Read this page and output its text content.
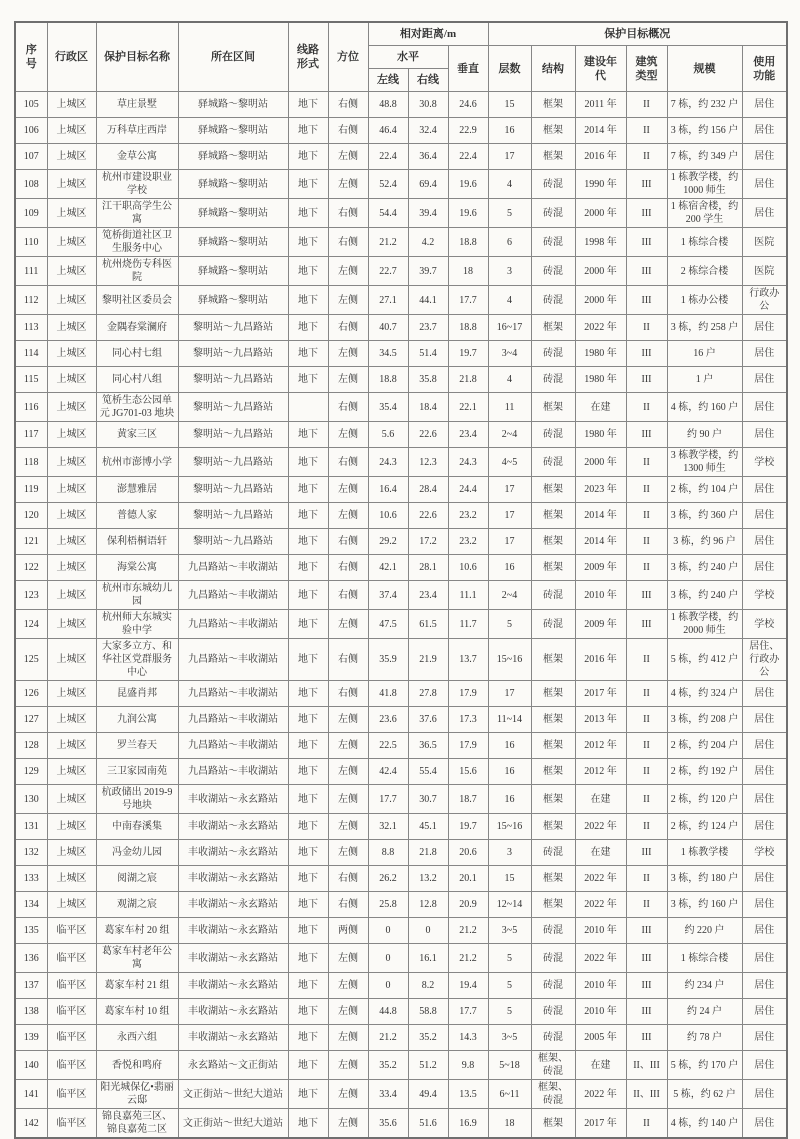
序号	行政区	保护目标名称	所在区间	线路形式	方位	相对距离/m			保护目标概况					
						水平		垂直	层数	结构	建设年代	建筑类型	规模	使用功能
						左线	右线							
105	上城区	草庄景墅	驿城路～黎明站	地下	右侧	48.8	30.8	24.6	15	框架	2011 年	II	7 栋，约 232 户	居住
106	上城区	万科草庄西岸	驿城路～黎明站	地下	右侧	46.4	32.4	22.9	16	框架	2014 年	II	3 栋，约 156 户	居住
107	上城区	金草公寓	驿城路～黎明站	地下	左侧	22.4	36.4	22.4	17	框架	2016 年	II	7 栋，约 349 户	居住
108	上城区	杭州市建设职业学校	驿城路～黎明站	地下	左侧	52.4	69.4	19.6	4	砖混	1990 年	III	1 栋教学楼，约 1000 师生	居住
109	上城区	江干职高学生公寓	驿城路～黎明站	地下	右侧	54.4	39.4	19.6	5	砖混	2000 年	III	1 栋宿舍楼，约 200 学生	居住
110	上城区	笕桥街道社区卫生服务中心	驿城路～黎明站	地下	右侧	21.2	4.2	18.8	6	砖混	1998 年	III	1 栋综合楼	医院
111	上城区	杭州烧伤专科医院	驿城路～黎明站	地下	左侧	22.7	39.7	18	3	砖混	2000 年	III	2 栋综合楼	医院
112	上城区	黎明社区委员会	驿城路～黎明站	地下	左侧	27.1	44.1	17.7	4	砖混	2000 年	III	1 栋办公楼	行政办公
113	上城区	金隅春棠澜府	黎明站～九昌路站	地下	右侧	40.7	23.7	18.8	16~17	框架	2022 年	II	3 栋，约 258 户	居住
114	上城区	同心村七组	黎明站～九昌路站	地下	左侧	34.5	51.4	19.7	3~4	砖混	1980 年	III	16 户	居住
115	上城区	同心村八组	黎明站～九昌路站	地下	左侧	18.8	35.8	21.8	4	砖混	1980 年	III	1 户	居住
116	上城区	笕桥生态公园单元 JG701-03 地块	黎明站～九昌路站		右侧	35.4	18.4	22.1	11	框架	在建	II	4 栋，约 160 户	居住
117	上城区	黄家三区	黎明站～九昌路站	地下	左侧	5.6	22.6	23.4	2~4	砖混	1980 年	III	约 90 户	居住
118	上城区	杭州市澎博小学	黎明站～九昌路站	地下	右侧	24.3	12.3	24.3	4~5	砖混	2000 年	II	3 栋教学楼，约 1300 师生	学校
119	上城区	澎慧雅居	黎明站～九昌路站	地下	左侧	16.4	28.4	24.4	17	框架	2023 年	II	2 栋，约 104 户	居住
120	上城区	普德人家	黎明站～九昌路站	地下	左侧	10.6	22.6	23.2	17	框架	2014 年	II	3 栋，约 360 户	居住
121	上城区	保利梧桐语轩	黎明站～九昌路站	地下	右侧	29.2	17.2	23.2	17	框架	2014 年	II	3 栋，约 96 户	居住
122	上城区	海棠公寓	九昌路站～丰收湖站	地下	右侧	42.1	28.1	10.6	16	框架	2009 年	II	3 栋，约 240 户	居住
123	上城区	杭州市东城幼儿园	九昌路站～丰收湖站	地下	右侧	37.4	23.4	11.1	2~4	砖混	2010 年	III	3 栋，约 240 户	学校
124	上城区	杭州师大东城实验中学	九昌路站～丰收湖站	地下	左侧	47.5	61.5	11.7	5	砖混	2009 年	III	1 栋教学楼，约 2000 师生	学校
125	上城区	大家多立方、和华社区党群服务中心	九昌路站～丰收湖站	地下	右侧	35.9	21.9	13.7	15~16	框架	2016 年	II	5 栋，约 412 户	居住、行政办公
126	上城区	昆盛肖邦	九昌路站～丰收湖站	地下	右侧	41.8	27.8	17.9	17	框架	2017 年	II	4 栋，约 324 户	居住
127	上城区	九润公寓	九昌路站～丰收湖站	地下	左侧	23.6	37.6	17.3	11~14	框架	2013 年	II	3 栋，约 208 户	居住
128	上城区	罗兰春天	九昌路站～丰收湖站	地下	左侧	22.5	36.5	17.9	16	框架	2012 年	II	2 栋，约 204 户	居住
129	上城区	三卫家园南苑	九昌路站～丰收湖站	地下	左侧	42.4	55.4	15.6	16	框架	2012 年	II	2 栋，约 192 户	居住
130	上城区	杭政储出 2019-9 号地块	丰收湖站～永玄路站	地下	左侧	17.7	30.7	18.7	16	框架	在建	II	2 栋，约 120 户	居住
131	上城区	中南春溪集	丰收湖站～永玄路站	地下	左侧	32.1	45.1	19.7	15~16	框架	2022 年	II	2 栋，约 124 户	居住
132	上城区	冯金幼儿园	丰收湖站～永玄路站	地下	左侧	8.8	21.8	20.6	3	砖混	在建	III	1 栋教学楼	学校
133	上城区	阅湖之宸	丰收湖站～永玄路站	地下	右侧	26.2	13.2	20.1	15	框架	2022 年	II	3 栋，约 180 户	居住
134	上城区	观湖之宸	丰收湖站～永玄路站	地下	右侧	25.8	12.8	20.9	12~14	框架	2022 年	II	3 栋，约 160 户	居住
135	临平区	葛家车村 20 组	丰收湖站～永玄路站	地下	两侧	0	0	21.2	3~5	砖混	2010 年	III	约 220 户	居住
136	临平区	葛家车村老年公寓	丰收湖站～永玄路站	地下	左侧	0	16.1	21.2	5	砖混	2022 年	III	1 栋综合楼	居住
137	临平区	葛家车村 21 组	丰收湖站～永玄路站	地下	左侧	0	8.2	19.4	5	砖混	2010 年	III	约 234 户	居住
138	临平区	葛家车村 10 组	丰收湖站～永玄路站	地下	左侧	44.8	58.8	17.7	5	砖混	2010 年	III	约 24 户	居住
139	临平区	永西六组	丰收湖站～永玄路站	地下	左侧	21.2	35.2	14.3	3~5	砖混	2005 年	III	约 78 户	居住
140	临平区	香悦和鸣府	永玄路站～文正街站	地下	左侧	35.2	51.2	9.8	5~18	框架、砖混	在建	II、III	5 栋，约 170 户	居住
141	临平区	阳光城保亿•翡丽云邸	文正街站～世纪大道站	地下	左侧	33.4	49.4	13.5	6~11	框架、砖混	2022 年	II、III	5 栋，约 62 户	居住
142	临平区	锦良嘉苑三区、锦良嘉苑二区	文正街站～世纪大道站	地下	左侧	35.6	51.6	16.9	18	框架	2017 年	II	4 栋，约 140 户	居住
